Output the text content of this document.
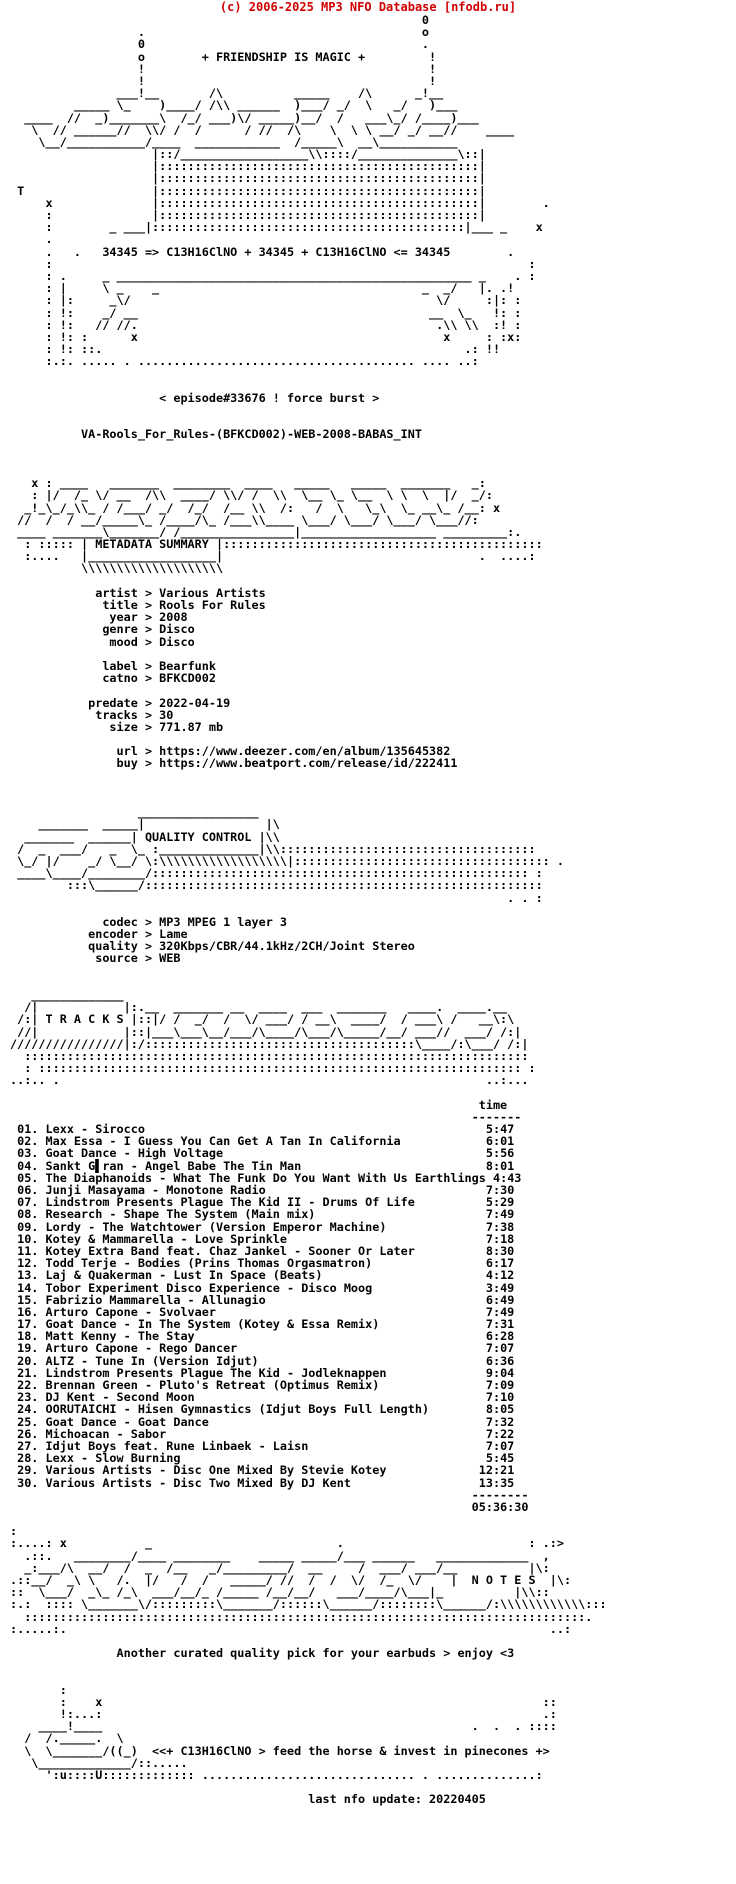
(c) 2006-2025 MP3 NFO Database [nfodb.ru]
0
.                                       o
0                                       .
o        + FRIENDSHIP IS MAGIC +         !
!                                        !
!                                        !
___!__       /\          _____    /\      _!__
_____ \_    )____/ /\\ ______  )___/ _/  \   _/   )___
____  //  _)_______\  /_/ ___)\/ _____)__/  /   ___\_/ /____)___
\  // ______//  \\/ /  /      / //  /\    \  \ \ __/ _/ __//    ____
\__/___________/____  ____________  /_____\  __\___________
|::/__________________\\::::/______________\::|
|:::::::::::::::::::::::::::::::::::::::::::::|
|:::::::::::::::::::::::::::::::::::::::::::::|
T                  |:::::::::::::::::::::::::::::::::::::::::::::|
x              |:::::::::::::::::::::::::::::::::::::::::::::|        .
:              |:::::::::::::::::::::::::::::::::::::::::::::|
:        _ ___|::::::::::::::::::::::::::::::::::::::::::::|___ _    x
.
.   .   34345 => C13H16ClNO + 34345 + C13H16ClNO <= 34345        .
:                                                                   :
: .     _ __________________________________________________ _    . :
: |     \ _    _                                     _  _/   |. .!
: |:     _\/                                           \/     :|: :
: !:    _/ __                                         __  \_   !: :
: !:   // //.                                          .\\ \\  :! :
: !: :      x                                           x     : :x:
: !: ::.                                                   .: !!
:.:. ..... . ....................................... .... ..:
< episode#33676 ! force burst >
VA-Rools_For_Rules-(BFKCD002)-WEB-2008-BABAS_INT
x : ____   _______  ________  ____   _____   _____  _______   _:
: |/  /_ \/ __  /\\  ____/ \\/ /  \\  \__ \_ \__  \ \  \  |/  _/:
_!_\_/_\\_ / /___/ _/  /_/  /__ \\  /:   /  \   \_\  \_ __\_ /__: x
//  /  / __/_____\_ /____/\_ /___\\____ \___/ \___/ \___/ \___//:
____ _______\_______/ /________________|___________________ _________:.
: ::::: | METADATA SUMMARY |:::::::::::::::::::::::::::::::::::::::::::::
:....   |__________________|                                    .  ....:
\\\\\\\\\\\\\\\\\\\\
artist > Various Artists
title > Rools For Rules
year > 2008
genre > Disco
mood > Disco
label > Bearfunk
catno > BFKCD002
predate > 2022-04-19
tracks > 30
size > 771.87 mb
url > https://www.deezer.com/en/album/135645382
buy > https://www.beatport.com/release/id/222411
_________________
_______  _____|                 |\
_______  ______| QUALITY CONTROL |\\
/  _  ___/   _  \_ :______________|\\::::::::::::::::::::::::::::::::::::
\_/ |/    _/ \__/ \:\\\\\\\\\\\\\\\\\\|:::::::::::::::::::::::::::::::::::: .
____\____/________/::::::::::::::::::::::::::::::::::::::::::::::::::::: :
:::\______/::::::::::::::::::::::::::::::::::::::::::::::::::::::::
. . :
codec > MP3 MPEG 1 layer 3
encoder > Lame
quality > 320Kbps/CBR/44.1kHz/2CH/Joint Stereo
source > WEB
_____________
/|            |:.__  _______ __  ____  ___  _______   ____.  ____.__
/:| T R A C K S |::|/ /  _/  /  \/ ___/ / __\  ____/  / ___\ /   __\:\
//|            |::|___\___\__/___/\____/\___/\_____/__/ ___//  ___/ /:|
////////////////|:/::::::::::::::::::::::::::::::::::::::\____/:\___/ /:|
:::::::::::::::::::::::::::::::::::::::::::::::::::::::::::::::::::::::
: :::::::::::::::::::::::::::::::::::::::::::::::::::::::::::::::::::: :
..:.. .                                                            ..:...
time
-------
01. Lexx - Sirocco	5:47
02. Max Essa - I Guess You Can Get A Tan In California	6:01
03. Goat Dance - High Voltage	5:56
04. Sankt G▌ran - Angel Babe The Tin Man	8:01
05. The Diaphanoids - What The Funk Do You Want With Us Earthlings 4:43
06. Junji Masayama - Monotone Radio	7:30
07. Lindstrom Presents Plague The Kid II - Drums Of Life	5:29
08. Research - Shape The System (Main mix)	7:49
09. Lordy - The Watchtower (Version Emperor Machine)	7:38
10. Kotey & Mammarella - Love Sprinkle	7:18
11. Kotey Extra Band feat. Chaz Jankel - Sooner Or Later	8:30
12. Todd Terje - Bodies (Prins Thomas Orgasmatron)	6:17
13. Laj & Quakerman - Lust In Space (Beats)	4:12
14. Tobor Experiment Disco Experience - Disco Moog	3:49
15. Fabrizio Mammarella - Allunagio	6:49
16. Arturo Capone - Svolvaer	7:49
17. Goat Dance - In The System (Kotey & Essa Remix)	7:31
18. Matt Kenny - The Stay	6:28
19. Arturo Capone - Rego Dancer	7:07
20. ALTZ - Tune In (Version Idjut)	6:36
21. Lindstrom Presents Plague The Kid - Jodleknappen	9:04
22. Brennan Green - Pluto's Retreat (Optimus Remix)	7:09
23. DJ Kent - Second Moon	7:10
24. OORUTAICHI - Hisen Gymnastics (Idjut Boys Full Length)	8:05
25. Goat Dance - Goat Dance	7:32
26. Michoacan - Sabor	7:22
27. Idjut Boys feat. Rune Linbaek - Laisn	7:07
28. Lexx - Slow Burning	5:45
29. Various Artists - Disc One Mixed By Stevie Kotey	12:21
30. Various Artists - Disc Two Mixed By DJ Kent	13:35
--------
05:36:30
:
:....: x           _                          .                          : .:>
.::.   ________/____ ________    _____ _____/___ ______   _____________  ,
_:___/\  __/  /  _  /__   _/_________/  __     /  ___/ ___/__          |\:
.::__/  _\ \   /.  |/   /  /   _____/ //  /  /  \/  /_  \/    |  N O T E S  |\:
::  \___/  _\_ /_\  ___/__/_ /_____ /__/__/   ___/____/\___|_          |\\::
:.:  :::: \_______\/:::::::::\_______/::::::\______/::::::::\______/:\\\\\\\\\\\\:::
:::::::::::::::::::::::::::::::::::::::::::::::::::::::::::::::::::::::::::::::.
:.....:.                                                                    ..:
Another curated quality pick for your earbuds > enjoy <3
:
:    x                                                              ::
!:...:                                                              .:
____!____                                                    .  .  . ::::
/  /._____.  \
\  \_______/((_)  <<+ C13H16ClNO > feed the horse & invest in pinecones +>
\_____________/::.....
':u::::U::::::::::::: .............................. . ..............:
last nfo update: 20220405
